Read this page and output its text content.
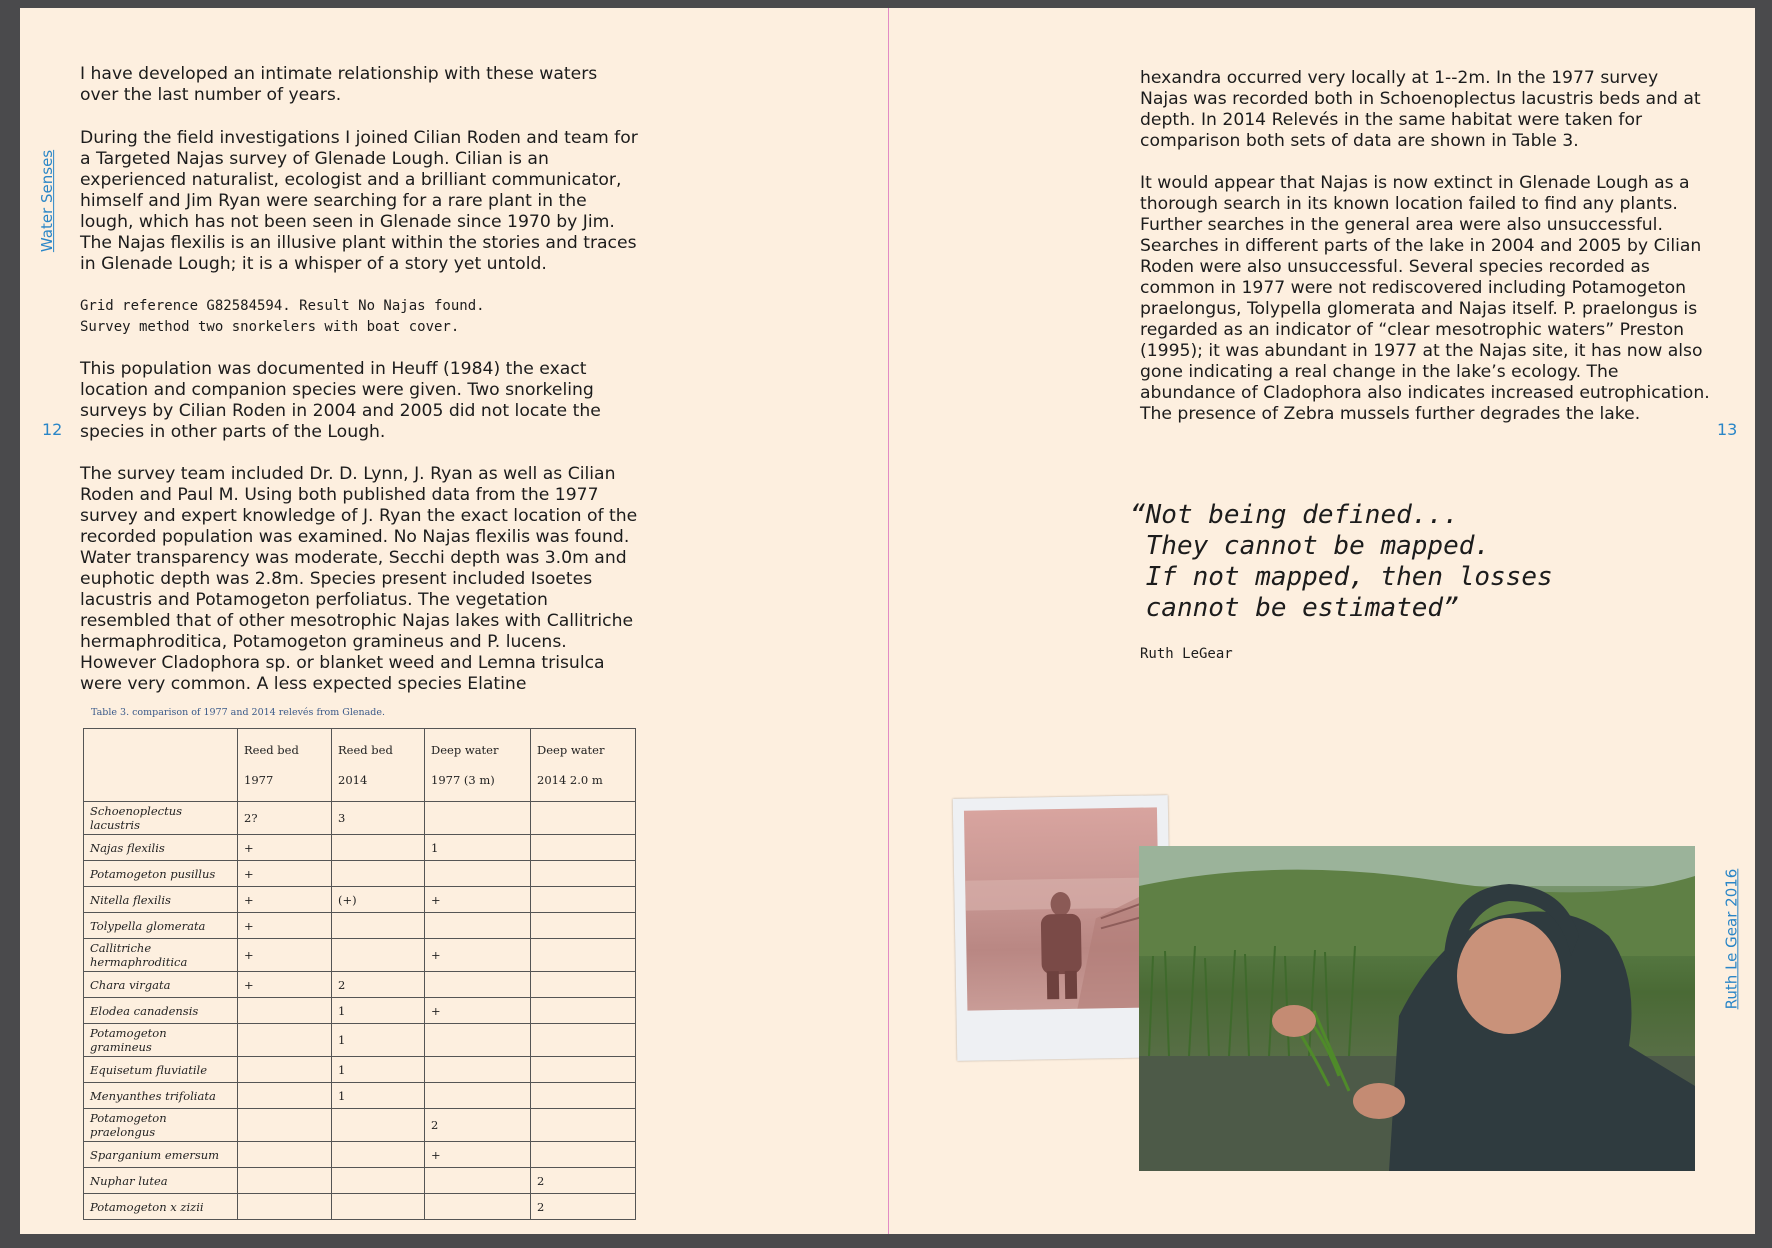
Water Senses
12

I have developed an intimate relationship with these waters over the last number of years.

During the field investigations I joined Cilian Roden and team for a Targeted Najas survey of Glenade Lough. Cilian is an experienced naturalist, ecologist and a brilliant communicator, himself and Jim Ryan were searching for a rare plant in the lough, which has not been seen in Glenade since 1970 by Jim. The Najas flexilis is an illusive plant within the stories and traces in Glenade Lough; it is a whisper of a story yet untold.

Grid reference G82584594. Result No Najas found.

Survey method two snorkelers with boat cover.

This population was documented in Heuff (1984) the exact location and companion species were given. Two snorkeling surveys by Cilian Roden in 2004 and 2005 did not locate the species in other parts of the Lough.

The survey team included Dr. D. Lynn, J. Ryan as well as Cilian Roden and Paul M. Using both published data from the 1977 survey and expert knowledge of J. Ryan the exact location of the recorded population was examined. No Najas flexilis was found. Water transparency was moderate, Secchi depth was 3.0m and euphotic depth was 2.8m. Species present included Isoetes lacustris and Potamogeton perfoliatus. The vegetation resembled that of other mesotrophic Najas lakes with Callitriche hermaphroditica, Potamogeton gramineus and P. lucens. However Cladophora sp. or blanket weed and Lemna trisulca were very common. A less expected species Elatine

Table 3. comparison of 1977 and 2014 relevés from Glenade.
	Reed bed 1977	Reed bed 2014	Deep water 1977 (3 m)	Deep water 2014 2.0 m
Schoenoplectus lacustris	2?	3		
Najas flexilis	+		1	
Potamogeton pusillus	+			
Nitella flexilis	+	(+)	+	
Tolypella glomerata	+			
Callitriche hermaphroditica	+		+	
Chara virgata	+	2		
Elodea canadensis		1	+	
Potamogeton gramineus		1		
Equisetum fluviatile		1		
Menyanthes trifoliata		1		
Potamogeton praelongus			2	
Sparganium emersum			+	
Nuphar lutea				2
Potamogeton x zizii				2

hexandra occurred very locally at 1--2m. In the 1977 survey Najas was recorded both in Schoenoplectus lacustris beds and at depth. In 2014 Relevés in the same habitat were taken for comparison both sets of data are shown in Table 3.

It would appear that Najas is now extinct in Glenade Lough as a thorough search in its known location failed to find any plants. Further searches in the general area were also unsuccessful. Searches in different parts of the lake in 2004 and 2005 by Cilian Roden were also unsuccessful. Several species recorded as common in 1977 were not rediscovered including Potamogeton praelongus, Tolypella glomerata and Najas itself. P. praelongus is regarded as an indicator of “clear mesotrophic waters” Preston (1995); it was abundant in 1977 at the Najas site, it has now also gone indicating a real change in the lake’s ecology. The abundance of Cladophora also indicates increased eutrophication. The presence of Zebra mussels further degrades the lake.

13
Ruth Le Gear 2016
“Not being defined...
They cannot be mapped.
If not mapped, then losses
cannot be estimated”
Ruth LeGear
